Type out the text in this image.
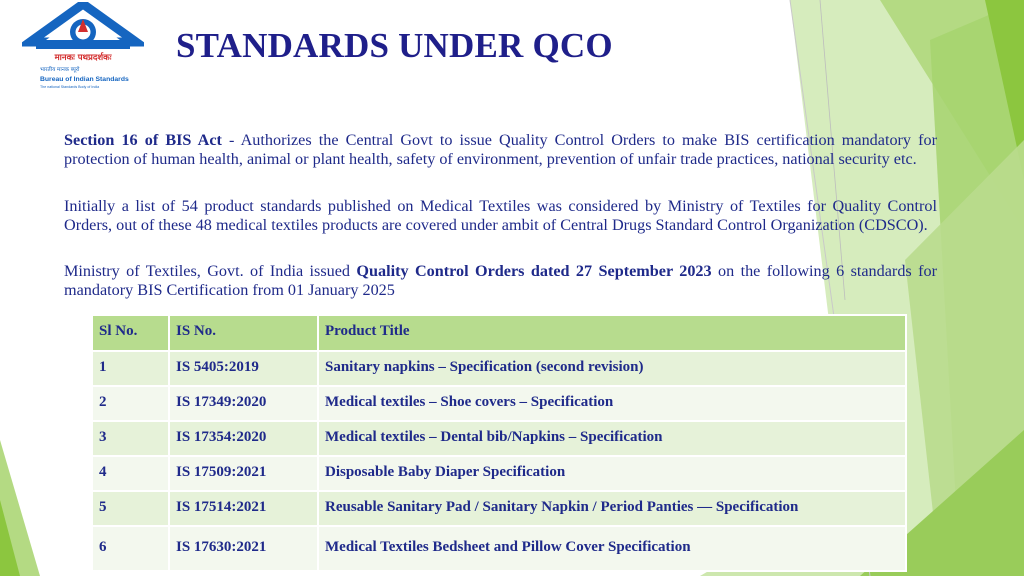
मानकः पथप्रदर्शकः
भारतीय मानक ब्यूरो
Bureau of Indian Standards
The national Standards Body of India
STANDARDS UNDER QCO

Section 16 of BIS Act - Authorizes the Central Govt to issue Quality Control Orders to make BIS certification mandatory for protection of human health, animal or plant health, safety of environment, prevention of unfair trade practices, national security etc.

Initially a list of 54 product standards published on Medical Textiles was considered by Ministry of Textiles for Quality Control Orders, out of these 48 medical textiles products are covered under ambit of Central Drugs Standard Control Organization (CDSCO).

Ministry of Textiles, Govt. of India issued Quality Control Orders dated 27 September 2023 on the following 6 standards for mandatory BIS Certification from 01 January 2025

Sl No.	IS No.	Product Title
1	IS 5405:2019	Sanitary napkins – Specification (second revision)
2	IS 17349:2020	Medical textiles – Shoe covers – Specification
3	IS 17354:2020	Medical textiles – Dental bib/Napkins – Specification
4	IS 17509:2021	Disposable Baby Diaper Specification
5	IS 17514:2021	Reusable Sanitary Pad / Sanitary Napkin / Period Panties — Specification
6	IS 17630:2021	Medical Textiles Bedsheet and Pillow Cover Specification
